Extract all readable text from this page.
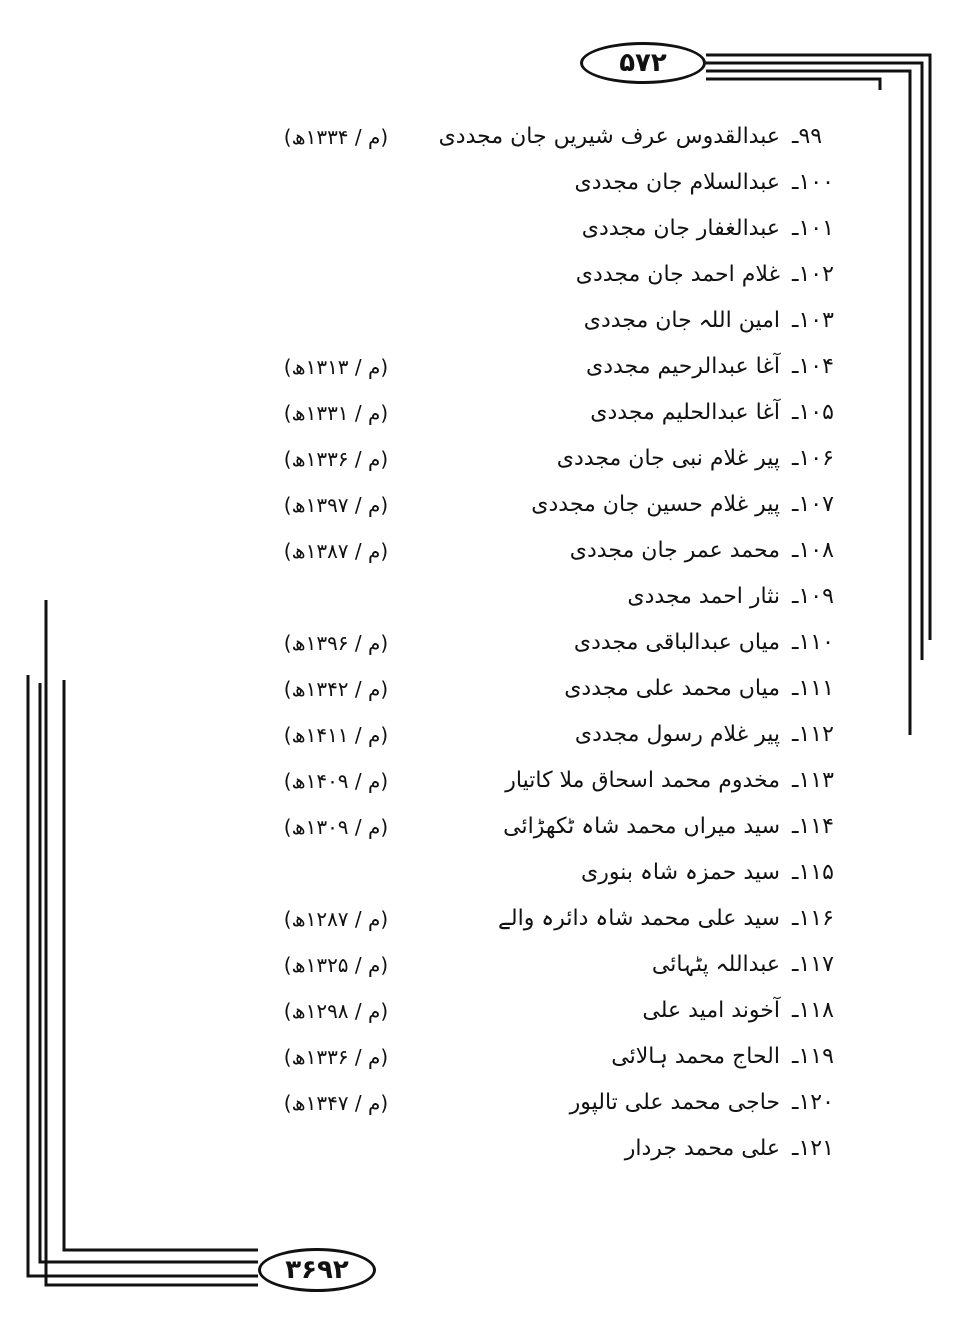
۵۷۲
۳۶۹۲
۹۹ـ
عبدالقدوس عرف شیریں جان مجددی
(م / ۱۳۳۴ھ)
۱۰۰ـ
عبدالسلام جان مجددی
۱۰۱ـ
عبدالغفار جان مجددی
۱۰۲ـ
غلام احمد جان مجددی
۱۰۳ـ
امین اللہ جان مجددی
۱۰۴ـ
آغا عبدالرحیم مجددی
(م / ۱۳۱۳ھ)
۱۰۵ـ
آغا عبدالحلیم مجددی
(م / ۱۳۳۱ھ)
۱۰۶ـ
پیر غلام نبی جان مجددی
(م / ۱۳۳۶ھ)
۱۰۷ـ
پیر غلام حسین جان مجددی
(م / ۱۳۹۷ھ)
۱۰۸ـ
محمد عمر جان مجددی
(م / ۱۳۸۷ھ)
۱۰۹ـ
نثار احمد مجددی
۱۱۰ـ
میاں عبدالباقی مجددی
(م / ۱۳۹۶ھ)
۱۱۱ـ
میاں محمد علی مجددی
(م / ۱۳۴۲ھ)
۱۱۲ـ
پیر غلام رسول مجددی
(م / ۱۴۱۱ھ)
۱۱۳ـ
مخدوم محمد اسحاق ملا کاتیار
(م / ۱۴۰۹ھ)
۱۱۴ـ
سید میراں محمد شاہ ٹکھڑائی
(م / ۱۳۰۹ھ)
۱۱۵ـ
سید حمزہ شاہ بنوری
۱۱۶ـ
سید علی محمد شاہ دائرہ والے
(م / ۱۲۸۷ھ)
۱۱۷ـ
عبداللہ پٹہائی
(م / ۱۳۲۵ھ)
۱۱۸ـ
آخوند امید علی
(م / ۱۲۹۸ھ)
۱۱۹ـ
الحاج محمد ہالائی
(م / ۱۳۳۶ھ)
۱۲۰ـ
حاجی محمد علی تالپور
(م / ۱۳۴۷ھ)
۱۲۱ـ
علی محمد جردار
